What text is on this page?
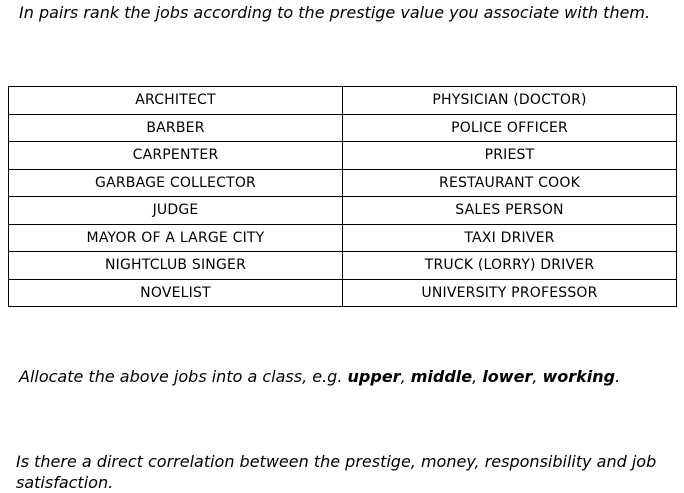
In pairs rank the jobs according to the prestige value you associate with them.

ARCHITECT	PHYSICIAN (DOCTOR)
BARBER	POLICE OFFICER
CARPENTER	PRIEST
GARBAGE COLLECTOR	RESTAURANT COOK
JUDGE	SALES PERSON
MAYOR OF A LARGE CITY	TAXI DRIVER
NIGHTCLUB SINGER	TRUCK (LORRY) DRIVER
NOVELIST	UNIVERSITY PROFESSOR

Allocate the above jobs into a class, e.g. upper, middle, lower, working.

Is there a direct correlation between the prestige, money, responsibility and job satisfaction.
